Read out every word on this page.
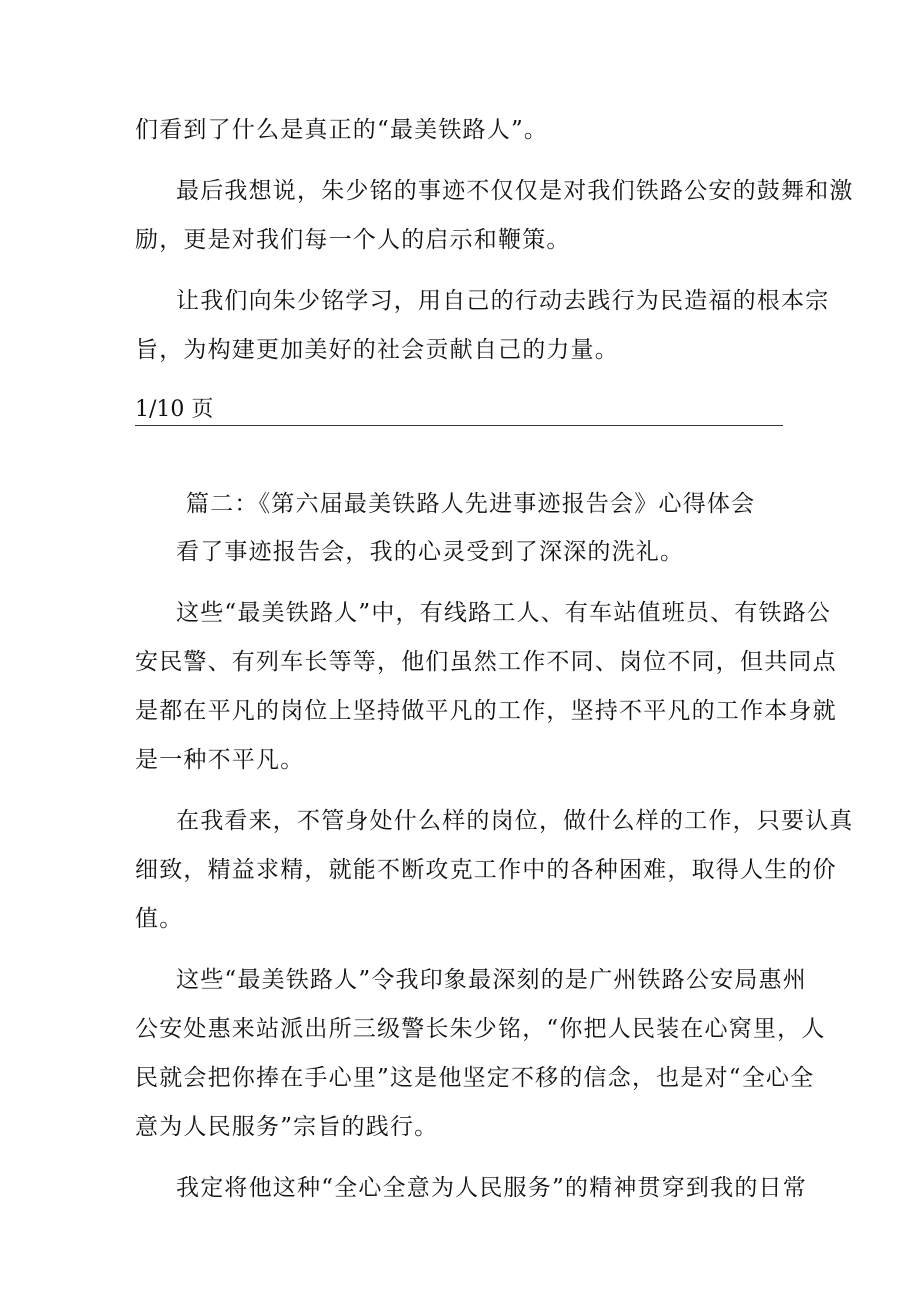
们看到了什么是真正的“最美铁路人”。
最后我想说，朱少铭的事迹不仅仅是对我们铁路公安的鼓舞和激
励，更是对我们每一个人的启示和鞭策。
让我们向朱少铭学习，用自己的行动去践行为民造福的根本宗
旨，为构建更加美好的社会贡献自己的力量。
1/10 页
篇二：《第六届最美铁路人先进事迹报告会》心得体会
看了事迹报告会，我的心灵受到了深深的洗礼。
这些“最美铁路人”中，有线路工人、有车站值班员、有铁路公
安民警、有列车长等等，他们虽然工作不同、岗位不同，但共同点
是都在平凡的岗位上坚持做平凡的工作，坚持不平凡的工作本身就
是一种不平凡。
在我看来，不管身处什么样的岗位，做什么样的工作，只要认真
细致，精益求精，就能不断攻克工作中的各种困难，取得人生的价
值。
这些“最美铁路人”令我印象最深刻的是广州铁路公安局惠州
公安处惠来站派出所三级警长朱少铭，“你把人民装在心窝里，人
民就会把你捧在手心里”这是他坚定不移的信念，也是对“全心全
意为人民服务”宗旨的践行。
我定将他这种“全心全意为人民服务”的精神贯穿到我的日常
